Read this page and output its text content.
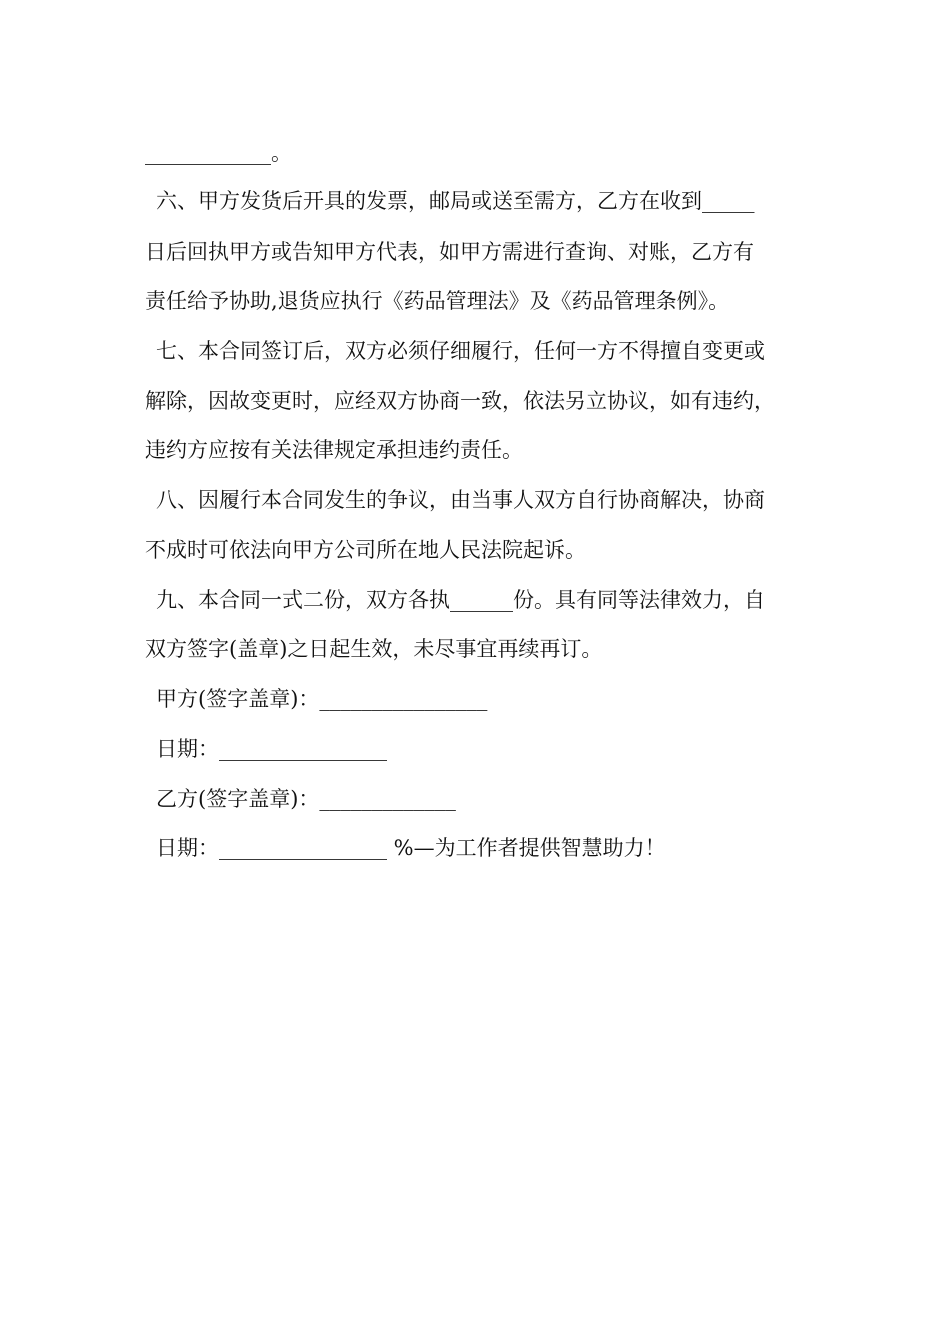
____________。
六、甲方发货后开具的发票，邮局或送至需方，乙方在收到_____
日后回执甲方或告知甲方代表，如甲方需进行查询、对账，乙方有
责任给予协助,退货应执行《药品管理法》及《药品管理条例》。
七、本合同签订后，双方必须仔细履行，任何一方不得擅自变更或
解除，因故变更时，应经双方协商一致，依法另立协议，如有违约，
违约方应按有关法律规定承担违约责任。
八、因履行本合同发生的争议，由当事人双方自行协商解决，协商
不成时可依法向甲方公司所在地人民法院起诉。
九、本合同一式二份，双方各执______份。具有同等法律效力，自
双方签字(盖章)之日起生效，未尽事宜再续再订。
甲方(签字盖章)：________________
日期：________________
乙方(签字盖章)：_____________
日期：________________ %—为工作者提供智慧助力！
